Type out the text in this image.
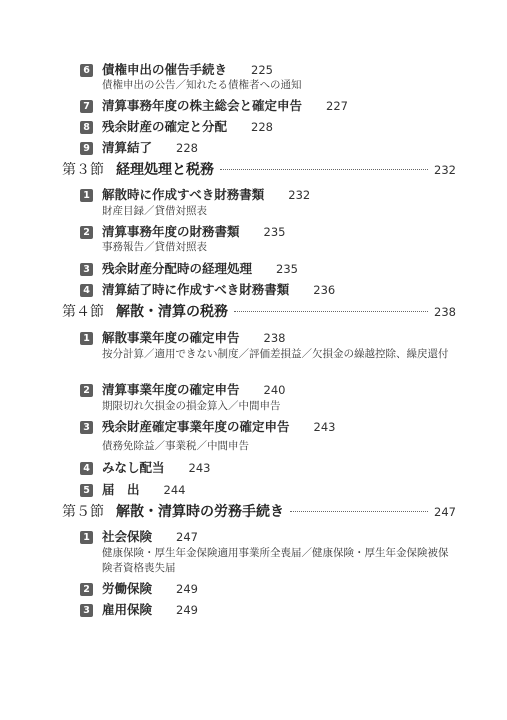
6 債権申出の催告手続き 225
債権申出の公告／知れたる債権者への通知
7 清算事務年度の株主総会と確定申告 227
8 残余財産の確定と分配 228
9 清算結了 228
第３節 経理処理と税務	232
1 解散時に作成すべき財務書類 232
財産目録／貸借対照表
2 清算事務年度の財務書類 235
事務報告／貸借対照表
3 残余財産分配時の経理処理 235
4 清算結了時に作成すべき財務書類 236
第４節 解散・清算の税務	238
1 解散事業年度の確定申告 238
按分計算／適用できない制度／評価差損益／欠損金の繰越控除、繰戻還付
2 清算事業年度の確定申告 240
期限切れ欠損金の損金算入／中間申告
3 残余財産確定事業年度の確定申告 243
債務免除益／事業税／中間申告
4 みなし配当 243
5 届　出 244
第５節 解散・清算時の労務手続き	247
1 社会保険 247
健康保険・厚生年金保険適用事業所全喪届／健康保険・厚生年金保険被保険者資格喪失届
2 労働保険 249
3 雇用保険 249
